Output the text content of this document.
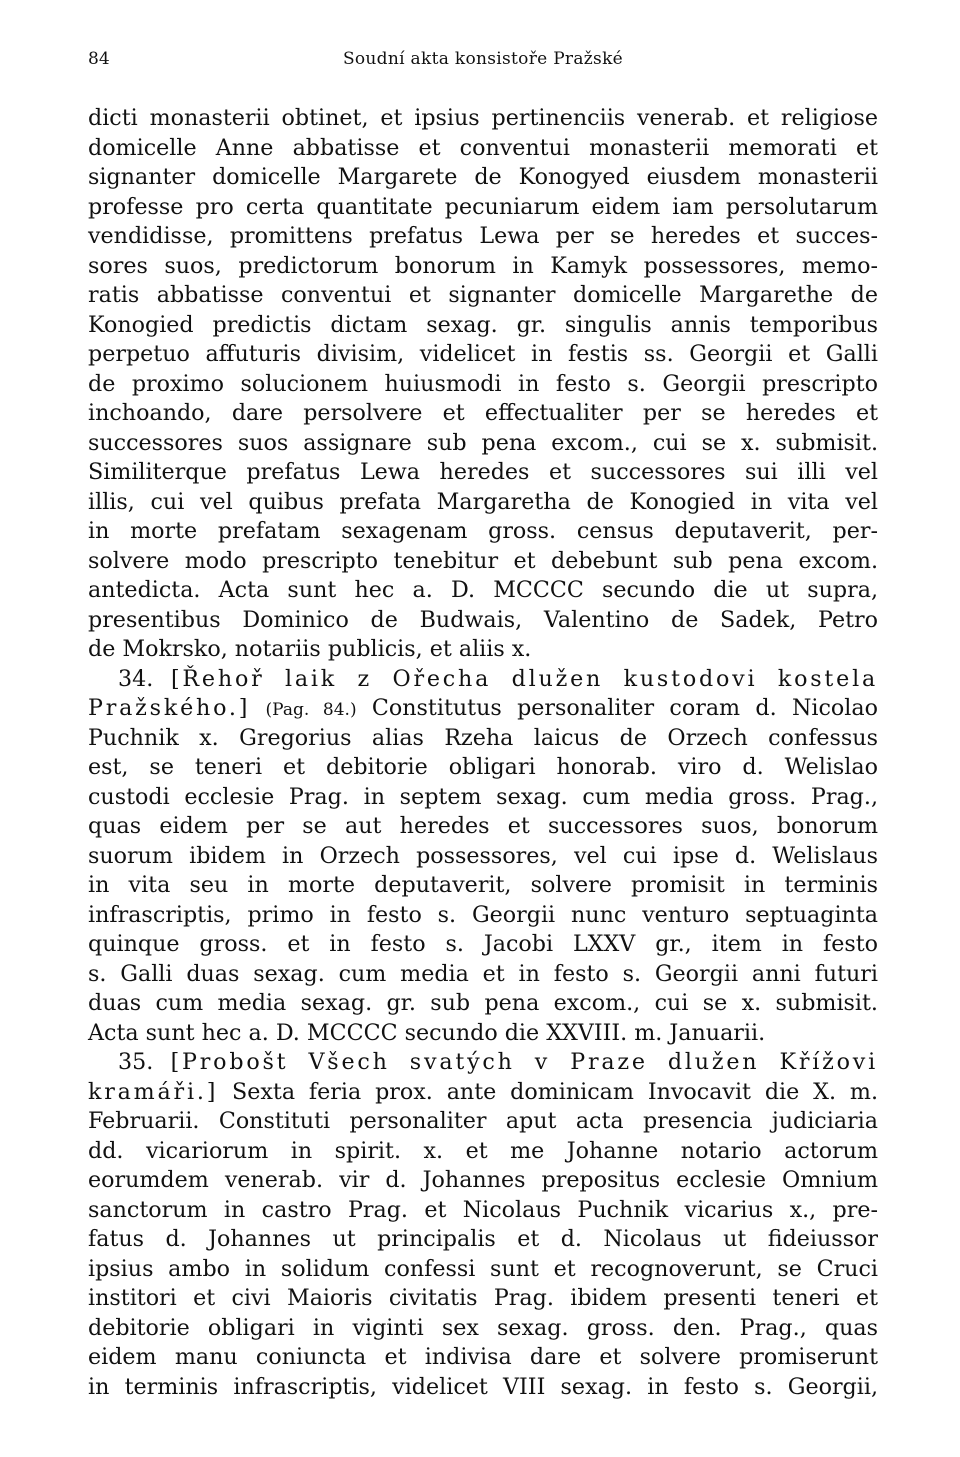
84	Soudní akta konsistoře Pražské
dicti monasterii obtinet, et ipsius pertinenciis venerab. et religiose
domicelle Anne abbatisse et conventui monasterii memorati et
signanter domicelle Margarete de Konogyed eiusdem monasterii
professe pro certa quantitate pecuniarum eidem iam persolutarum
vendidisse, promittens prefatus Lewa per se heredes et succes-
sores suos, predictorum bonorum in Kamyk possessores, memo-
ratis abbatisse conventui et signanter domicelle Margarethe de
Konogied predictis dictam sexag. gr. singulis annis temporibus
perpetuo affuturis divisim, videlicet in festis ss. Georgii et Galli
de proximo solucionem huiusmodi in festo s. Georgii prescripto
inchoando, dare persolvere et effectualiter per se heredes et
successores suos assignare sub pena excom., cui se x. submisit.
Similiterque prefatus Lewa heredes et successores sui illi vel
illis, cui vel quibus prefata Margaretha de Konogied in vita vel
in morte prefatam sexagenam gross. census deputaverit, per-
solvere modo prescripto tenebitur et debebunt sub pena excom.
antedicta. Acta sunt hec a. D. MCCCC secundo die ut supra,
presentibus Dominico de Budwais, Valentino de Sadek, Petro
de Mokrsko, notariis publicis, et aliis x.
34. [Řehoř laik z Ořecha dlužen kustodovi kostela
Pražského.] (Pag. 84.) Constitutus personaliter coram d. Nicolao
Puchnik x. Gregorius alias Rzeha laicus de Orzech confessus
est, se teneri et debitorie obligari honorab. viro d. Welislao
custodi ecclesie Prag. in septem sexag. cum media gross. Prag.,
quas eidem per se aut heredes et successores suos, bonorum
suorum ibidem in Orzech possessores, vel cui ipse d. Welislaus
in vita seu in morte deputaverit, solvere promisit in terminis
infrascriptis, primo in festo s. Georgii nunc venturo septuaginta
quinque gross. et in festo s. Jacobi LXXV gr., item in festo
s. Galli duas sexag. cum media et in festo s. Georgii anni futuri
duas cum media sexag. gr. sub pena excom., cui se x. submisit.
Acta sunt hec a. D. MCCCC secundo die XXVIII. m. Januarii.
35. [Probošt Všech svatých v Praze dlužen Křížovi
kramáři.] Sexta feria prox. ante dominicam Invocavit die X. m.
Februarii. Constituti personaliter aput acta presencia judiciaria
dd. vicariorum in spirit. x. et me Johanne notario actorum
eorumdem venerab. vir d. Johannes prepositus ecclesie Omnium
sanctorum in castro Prag. et Nicolaus Puchnik vicarius x., pre-
fatus d. Johannes ut principalis et d. Nicolaus ut fideiussor
ipsius ambo in solidum confessi sunt et recognoverunt, se Cruci
institori et civi Maioris civitatis Prag. ibidem presenti teneri et
debitorie obligari in viginti sex sexag. gross. den. Prag., quas
eidem manu coniuncta et indivisa dare et solvere promiserunt
in terminis infrascriptis, videlicet VIII sexag. in festo s. Georgii,
